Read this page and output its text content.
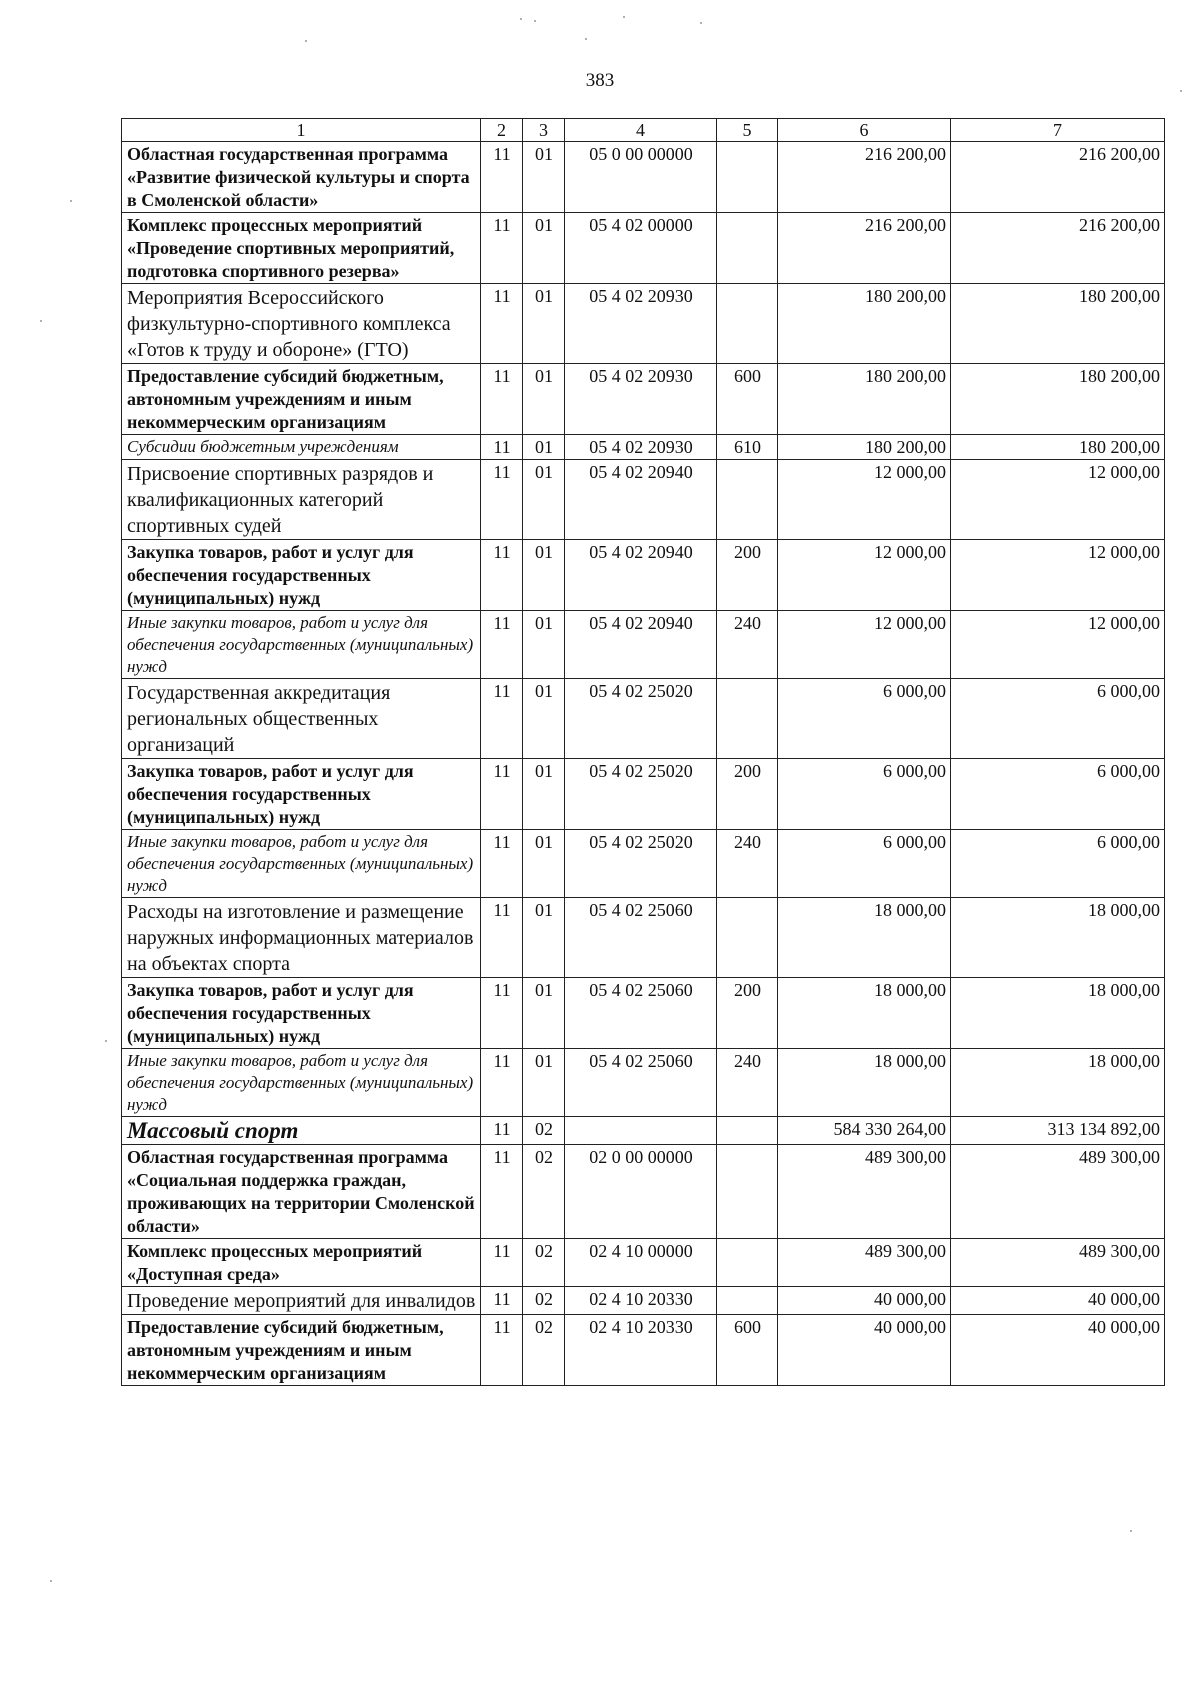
383
1	2	3	4	5	6	7
Областная государственная программа «Развитие физической культуры и спорта в Смоленской области»	11	01	05 0 00 00000		216 200,00	216 200,00
Комплекс процессных мероприятий «Проведение спортивных мероприятий, подготовка спортивного резерва»	11	01	05 4 02 00000		216 200,00	216 200,00
Мероприятия Всероссийского физкультурно-спортивного комплекса «Готов к труду и обороне» (ГТО)	11	01	05 4 02 20930		180 200,00	180 200,00
Предоставление субсидий бюджетным, автономным учреждениям и иным некоммерческим организациям	11	01	05 4 02 20930	600	180 200,00	180 200,00
Субсидии бюджетным учреждениям	11	01	05 4 02 20930	610	180 200,00	180 200,00
Присвоение спортивных разрядов и квалификационных категорий спортивных судей	11	01	05 4 02 20940		12 000,00	12 000,00
Закупка товаров, работ и услуг для обеспечения государственных (муниципальных) нужд	11	01	05 4 02 20940	200	12 000,00	12 000,00
Иные закупки товаров, работ и услуг для обеспечения государственных (муниципальных) нужд	11	01	05 4 02 20940	240	12 000,00	12 000,00
Государственная аккредитация региональных общественных организаций	11	01	05 4 02 25020		6 000,00	6 000,00
Закупка товаров, работ и услуг для обеспечения государственных (муниципальных) нужд	11	01	05 4 02 25020	200	6 000,00	6 000,00
Иные закупки товаров, работ и услуг для обеспечения государственных (муниципальных) нужд	11	01	05 4 02 25020	240	6 000,00	6 000,00
Расходы на изготовление и размещение наружных информационных материалов на объектах спорта	11	01	05 4 02 25060		18 000,00	18 000,00
Закупка товаров, работ и услуг для обеспечения государственных (муниципальных) нужд	11	01	05 4 02 25060	200	18 000,00	18 000,00
Иные закупки товаров, работ и услуг для обеспечения государственных (муниципальных) нужд	11	01	05 4 02 25060	240	18 000,00	18 000,00
Массовый спорт	11	02			584 330 264,00	313 134 892,00
Областная государственная программа «Социальная поддержка граждан, проживающих на территории Смоленской области»	11	02	02 0 00 00000		489 300,00	489 300,00
Комплекс процессных мероприятий «Доступная среда»	11	02	02 4 10 00000		489 300,00	489 300,00
Проведение мероприятий для инвалидов	11	02	02 4 10 20330		40 000,00	40 000,00
Предоставление субсидий бюджетным, автономным учреждениям и иным некоммерческим организациям	11	02	02 4 10 20330	600	40 000,00	40 000,00
